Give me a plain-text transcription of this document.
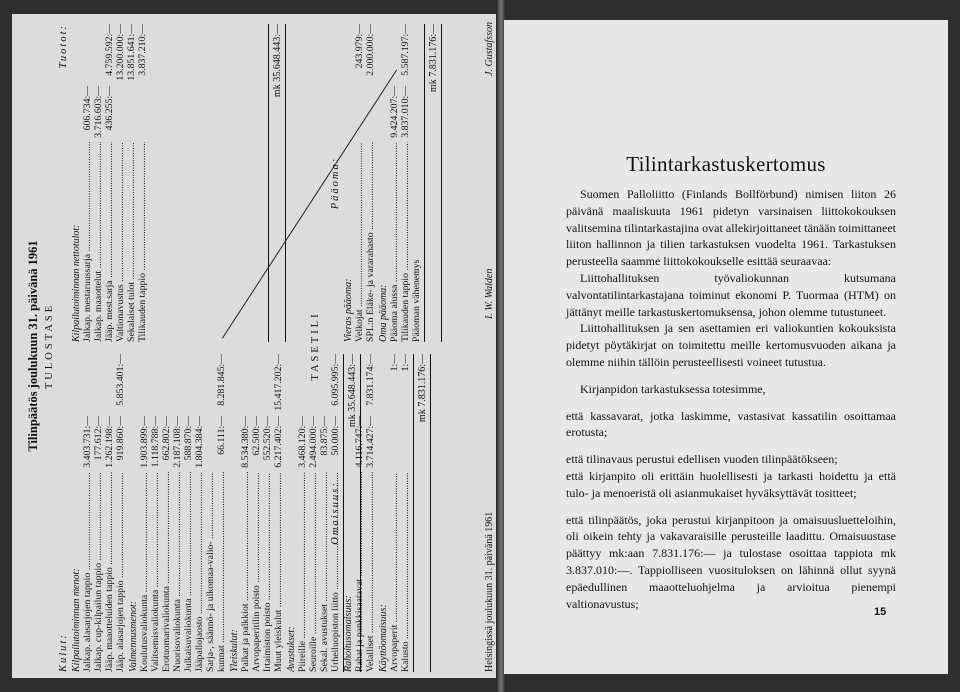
Tilinpäätös joulukuun 31. päivänä 1961 TULOSTASE
Kulut: Kilpailutoiminnan menot: Jalkap. alasarjojen tappio .....
3.403.731:—
Jalkap. cup-kilpailun tappio .....
177.612:—
Jääp. maaotteluiden tappio .....
1.262.198:—
Jääp. alasarjojen tappio .....
919.860:—
5.853.401:—
Valmennusmenot: Koulutusvaliokunta .....
1.903.899:—
Valitsemisvaliokunta .....
1.118.788:—
Erotuomarivaliokunta .....
662.802:—
Nuorisovaliokunta .....
2.187.108:—
Julkaisuvaliokunta .....
588.870:—
Jääpallojaosto .....
1.804.384:—
Sarja-, säännö- ja ulkomaa-valio- ..... kunnat .....
66.111:—
8.281.845:—
Yleiskulut: Palkat ja palkkiot .....
8.534.380:—
Arvopaperitilin poisto .....
62.500:—
Irtaimiston poisto .....
552.520:—
Muut yleiskulut .....
6.217.402:—
15.417.202:—
Avustukset: Piireille .....
3.468.120:—
Seuroille .....
2.494.000:—
Sekal. avustukset .....
83.875:—
Urheiluopiston liitto .....
50.000:—
6.095.995:— mk 35.648.443:—
Tuotot:
Kilpailutoiminnan nettotulot: Jalkap. mestaruussarja .....
606.734:—
Jalkap. maaottelut .....
3.716.603:—
Jääp. mest.sarja .....
436.255:—
4.759.592:—
Valtionavustus .....
13.200.000:—
Sekalaiset tulot .....
13.851.641:—
Tilikauden tappio .....
3.837.210:—	mk 35.648.443:—
TASETILI
Omaisuus:
Rahoitusomaisuus: Rahat ja pankkisaatavat .....
4.116.747:—
Velalliset .....
3.714.427:—
7.831.174:—
Käyttöomaisuus: Arvopaperit .....
1:—
Kalusto .....
1:— mk 7.831.176:—
Pääoma:
Vieras pääoma: Velkojat .....
243.979:—
SPL:n Eläke- ja vararahasto .....
2.000.000:—
Oma pääoma: Pääoma alussa .....
9.424.207:—
Tilikauden tappio .....
3.837.010:—
5.587.197:—
Pääoman vähenemys
mk 7.831.176:—
Helsingissä joulukuun 31. päivänä 1961
I. W. Walden
J. Gustafsson
Tilintarkastuskertomus

Suomen Palloliitto (Finlands Bollförbund) nimisen liiton 26 päivänä maaliskuuta 1961 pidetyn varsinaisen liittokokouksen valitsemina tilintarkastajina ovat allekirjoittaneet tänään toimittaneet liiton hallinnon ja tilien tarkastuksen vuodelta 1961. Tarkastuksen perusteella saamme liittokokoukselle esittää seuraavaa:

Liittohallituksen työvaliokunnan kutsumana valvontatilintarkastajana toiminut ekonomi P. Tuormaa (HTM) on jättänyt meille tarkastuskertomuksensa, johon olemme tutustuneet.

Liittohallituksen ja sen asettamien eri valiokuntien kokouksista pidetyt pöytäkirjat on toimitettu meille kertomusvuoden aikana ja olemme niihin tällöin perusteellisesti voineet tutustua.

Kirjanpidon tarkastuksessa totesimme,

että kassavarat, jotka laskimme, vastasivat kassatilin osoittamaa erotusta;

että tilinavaus perustui edellisen vuoden tilinpäätökseen;

että kirjanpito oli erittäin huolellisesti ja tarkasti hoidettu ja että tulo- ja menoeristä oli asianmukaiset hyväksyttävät tositteet;

että tilinpäätös, joka perustui kirjanpitoon ja omaisuusluetteloihin, oli oikein tehty ja vakavaraisille perusteille laadittu. Omaisuustase päättyy mk:aan 7.831.176:— ja tulostase osoittaa tappiota mk 3.837.010:—. Tappiolliseen vuosituloksen on lähinnä ollut syynä epäedullinen maaotteluohjelma ja arvioitua pienempi valtionavustus;

15
